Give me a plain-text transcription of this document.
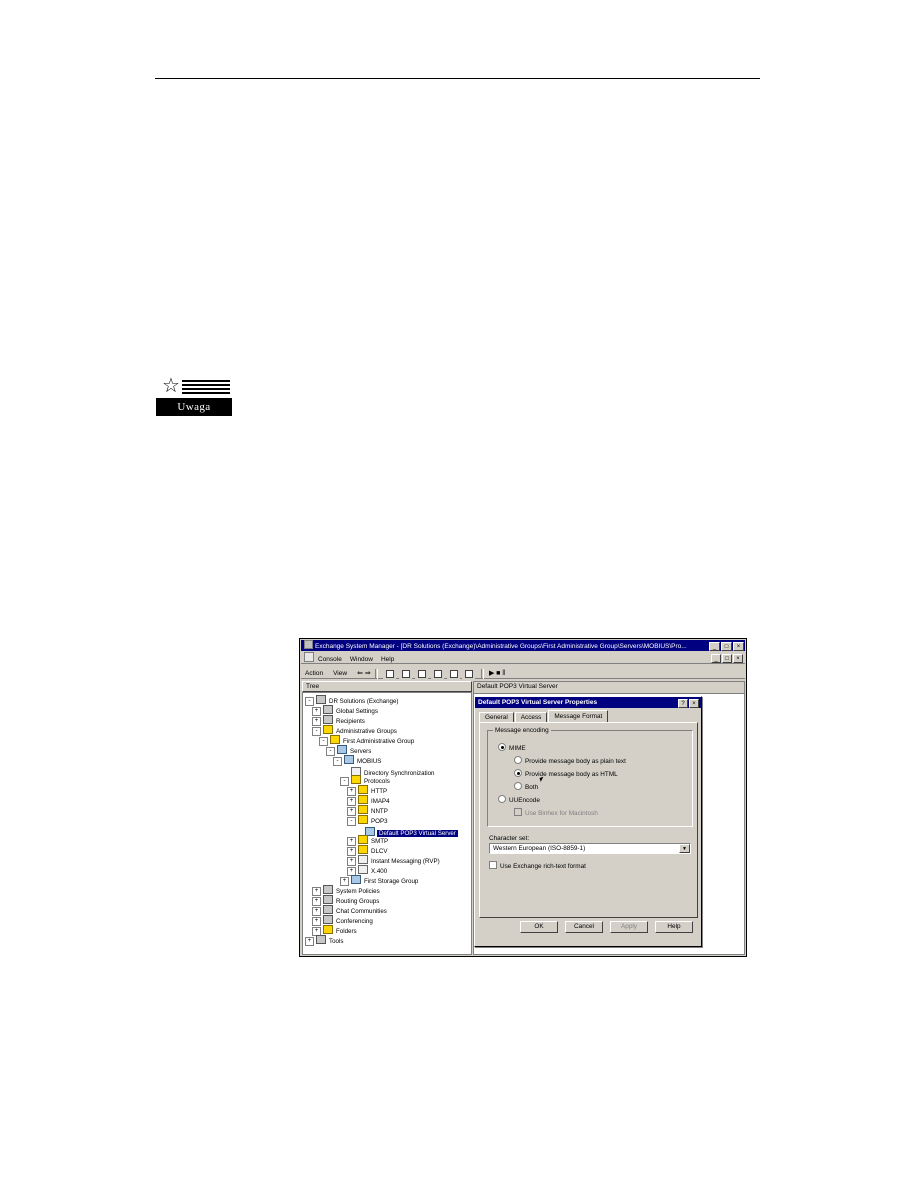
☆
Uwaga
Exchange System Manager - [DR Solutions (Exchange)\Administrative Groups\First Administrative Group\Servers\MOBIUS\Pro...	_ □ ×
Console Window Help	_ □ ×
Action View ⇐ ⇒	▶ ■ ‖
Tree	Default POP3 Virtual Server
-	DR Solutions (Exchange)
+	Global Settings
+	Recipients
-	Administrative Groups
-	First Administrative Group
-	Servers
-	MOBIUS
Directory Synchronization
-	Protocols
+	HTTP
+	IMAP4
+	NNTP
-	POP3
Default POP3 Virtual Server
+	SMTP
+	DLCV
+	Instant Messaging (RVP)
+	X.400
+	First Storage Group
+	System Policies
+	Routing Groups
+	Chat Communities
+	Conferencing
+	Folders
+	Tools
Default POP3 Virtual Server Properties	? ×
General Access Message Format
Message encoding
MIME
Provide message body as plain text
Provide message body as HTML
Both
UUEncode
Use Binhex for Macintosh
Character set:
Western European (ISO-8859-1)	▼
Use Exchange rich-text format
OK	Cancel	Apply	Help
